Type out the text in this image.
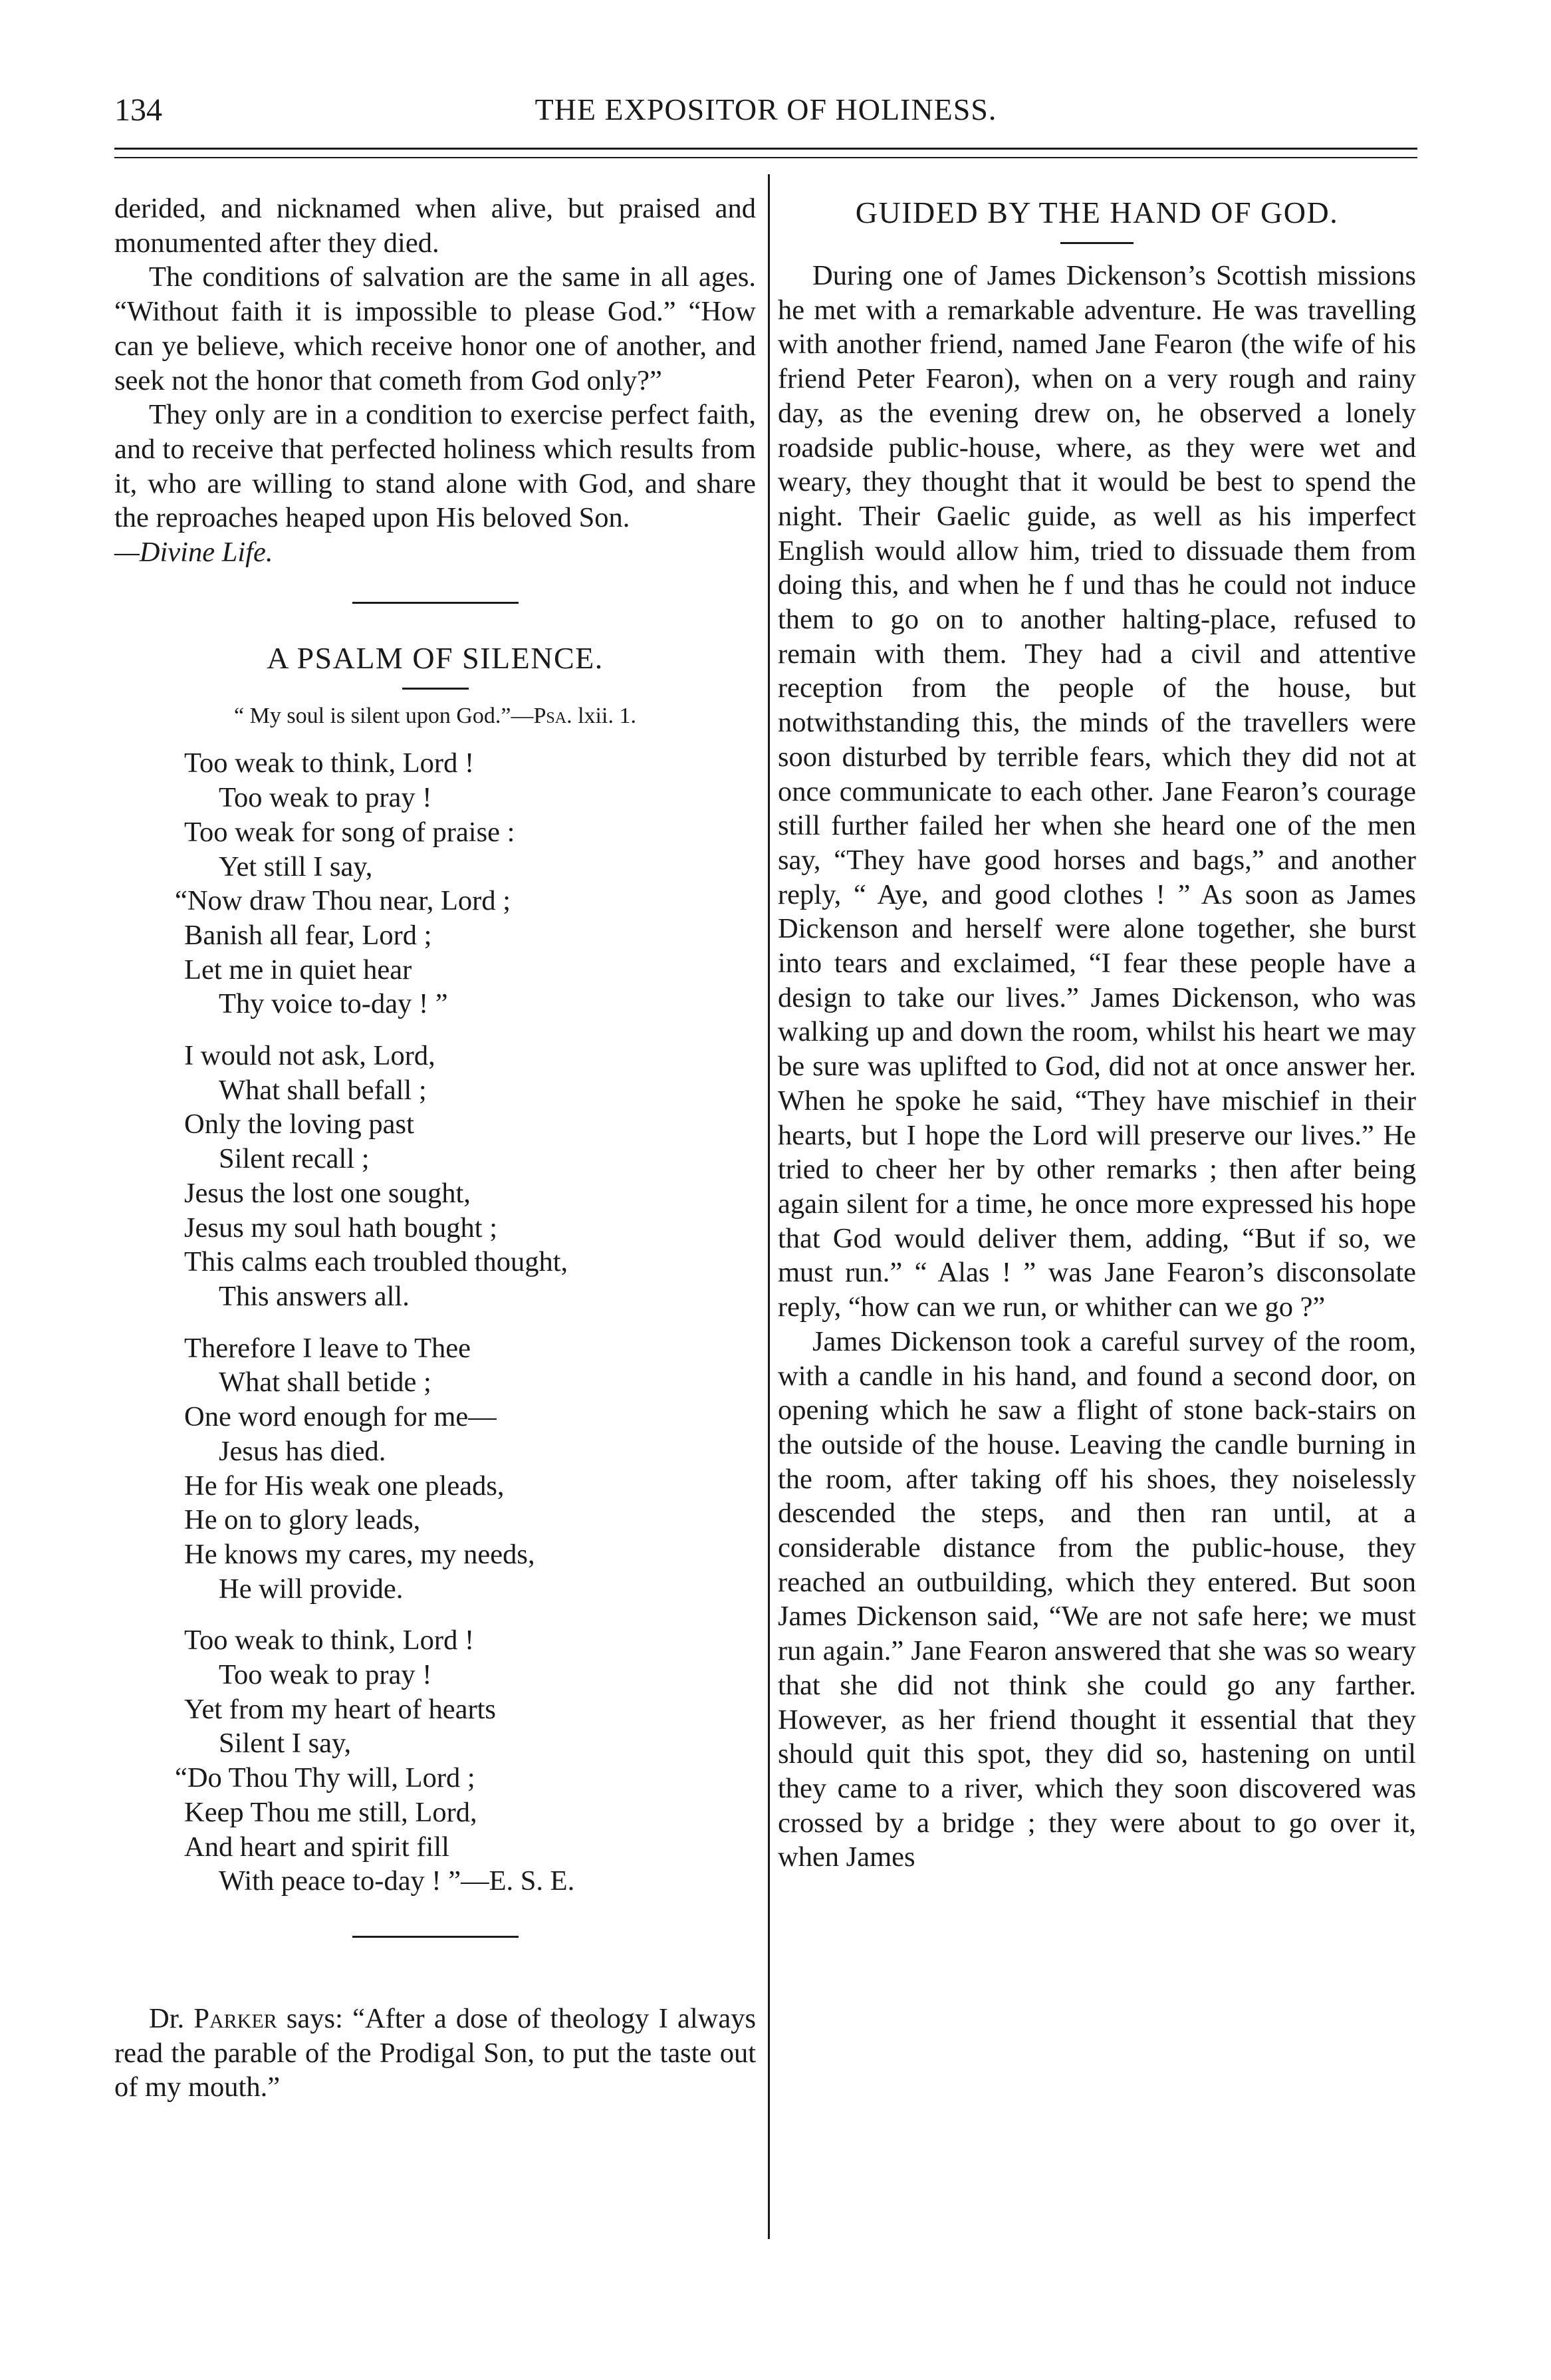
134	THE EXPOSITOR OF HOLINESS.

derided, and nicknamed when alive, but praised and monumented after they died.

The conditions of salvation are the same in all ages. “Without faith it is impossible to please God.” “How can ye believe, which receive honor one of another, and seek not the honor that cometh from God only?”

They only are in a condition to exercise perfect faith, and to receive that perfected holiness which results from it, who are willing to stand alone with God, and share the reproaches heaped upon His beloved Son.

—Divine Life.

A PSALM OF SILENCE.

“ My soul is silent upon God.”—Psa. lxii. 1.

Too weak to think, Lord !
Too weak to pray !
Too weak for song of praise :
Yet still I say,
“Now draw Thou near, Lord ;
Banish all fear, Lord ;
Let me in quiet hear
Thy voice to-day ! ”
I would not ask, Lord,
What shall befall ;
Only the loving past
Silent recall ;
Jesus the lost one sought,
Jesus my soul hath bought ;
This calms each troubled thought,
This answers all.
Therefore I leave to Thee
What shall betide ;
One word enough for me—
Jesus has died.
He for His weak one pleads,
He on to glory leads,
He knows my cares, my needs,
He will provide.
Too weak to think, Lord !
Too weak to pray !
Yet from my heart of hearts
Silent I say,
“Do Thou Thy will, Lord ;
Keep Thou me still, Lord,
And heart and spirit fill
With peace to-day ! ”—E. S. E.

Dr. Parker says: “After a dose of theology I always read the parable of the Prodigal Son, to put the taste out of my mouth.”

GUIDED BY THE HAND OF GOD.

During one of James Dickenson’s Scottish missions he met with a remarkable adventure. He was travelling with another friend, named Jane Fearon (the wife of his friend Peter Fearon), when on a very rough and rainy day, as the evening drew on, he observed a lonely roadside public-house, where, as they were wet and weary, they thought that it would be best to spend the night. Their Gaelic guide, as well as his imperfect English would allow him, tried to dissuade them from doing this, and when he f und thas he could not induce them to go on to another halting-place, refused to remain with them. They had a civil and attentive reception from the people of the house, but notwithstanding this, the minds of the travellers were soon disturbed by terrible fears, which they did not at once communicate to each other. Jane Fearon’s courage still further failed her when she heard one of the men say, “They have good horses and bags,” and another reply, “ Aye, and good clothes ! ” As soon as James Dickenson and herself were alone together, she burst into tears and exclaimed, “I fear these people have a design to take our lives.” James Dickenson, who was walking up and down the room, whilst his heart we may be sure was uplifted to God, did not at once answer her. When he spoke he said, “They have mischief in their hearts, but I hope the Lord will preserve our lives.” He tried to cheer her by other remarks ; then after being again silent for a time, he once more expressed his hope that God would deliver them, adding, “But if so, we must run.” “ Alas ! ” was Jane Fearon’s disconsolate reply, “how can we run, or whither can we go ?”

James Dickenson took a careful survey of the room, with a candle in his hand, and found a second door, on opening which he saw a flight of stone back-stairs on the outside of the house. Leaving the candle burning in the room, after taking off his shoes, they noiselessly descended the steps, and then ran until, at a considerable distance from the public-house, they reached an outbuilding, which they entered. But soon James Dickenson said, “We are not safe here; we must run again.” Jane Fearon answered that she was so weary that she did not think she could go any farther. However, as her friend thought it essential that they should quit this spot, they did so, hastening on until they came to a river, which they soon discovered was crossed by a bridge ; they were about to go over it, when James
